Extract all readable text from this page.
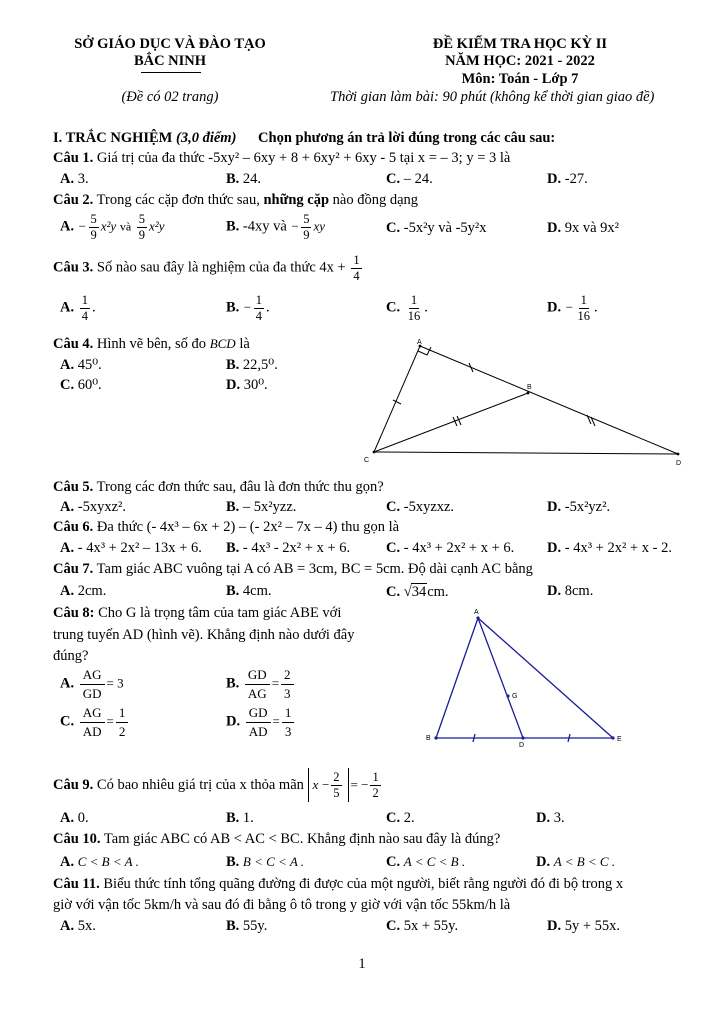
SỞ GIÁO DỤC VÀ ĐÀO TẠO
BẮC NINH
(Đề có 02 trang)
ĐỀ KIỂM TRA HỌC KỲ II
NĂM HỌC: 2021 - 2022
Môn: Toán - Lớp 7
Thời gian làm bài: 90 phút (không kể thời gian giao đề)
I. TRẮC NGHIỆM (3,0 điểm) Chọn phương án trả lời đúng trong các câu sau:
Câu 1. Giá trị của đa thức -5xy² – 6xy + 8 + 6xy² + 6xy - 5 tại x = – 3; y = 3 là
A. 3.	B. 24.	C. – 24.	D. -27.
Câu 2. Trong các cặp đơn thức sau, những cặp nào đồng dạng
A. − $\frac{5}{9} x^2y$ và $\frac{5}{9} x^2y$	B. -4xy và − $\frac{5}{9}$ xy	C. -5x²y và -5y²x	D. 9x và 9x²
Câu 3. Số nào sau đây là nghiệm của đa thức $4x + \frac{1}{4}$
A. $\frac{1}{4}$ .	B. − $\frac{1}{4}$ .	C. $\frac{1}{16}$ .	D. − $\frac{1}{16}$ .
Câu 4. Hình vẽ bên, số đo BCD là
A. 45⁰.	B. 22,5⁰.
C. 60⁰.	D. 30⁰.
A
B
C	D
Câu 5. Trong các đơn thức sau, đâu là đơn thức thu gọn?
A. -5xyxz².	B. – 5x²yzz.	C. -5xyzxz.	D. -5x²yz².
Câu 6. Đa thức (- 4x³ – 6x + 2) – (- 2x² – 7x – 4) thu gọn là
A. - 4x³ + 2x² – 13x + 6. B. - 4x³ - 2x² + x + 6. C. - 4x³ + 2x² + x + 6. D. - 4x³ + 2x² + x - 2.
Câu 7. Tam giác ABC vuông tại A có AB = 3cm, BC = 5cm. Độ dài cạnh AC bằng
A. 2cm.	B. 4cm.	C. √34cm.	D. 8cm.
Câu 8: Cho G là trọng tâm của tam giác ABE với
trung tuyến AD (hình vẽ). Khẳng định nào dưới đây
đúng?
A. $\frac{AG}{GD} = 3$	B. $\frac{GD}{AG} = \frac{2}{3}$
C. $\frac{AG}{AD} = \frac{1}{2}$	D. $\frac{GD}{AD} = \frac{1}{3}$
A
B
D
E
G
Câu 9.
Có bao nhiêu giá trị của x thỏa mãn
x
− $\frac{2}{5}$ = − $\frac{1}{2}$
A. 0.	B. 1.	C. 2.	D. 3.
Câu 10. Tam giác ABC có AB < AC < BC. Khẳng định nào sau đây là đúng?
A. C < B < A .	B. B < C < A .	C. A < C < B .	D. A < B < C .
Câu 11. Biểu thức tính tổng quãng đường đi được của một người, biết rằng người đó đi bộ trong x
giờ với vận tốc 5km/h và sau đó đi bằng ô tô trong y giờ với vận tốc 55km/h là
A. 5x.	B. 55y.	C. 5x + 55y.	D. 5y + 55x.
1
